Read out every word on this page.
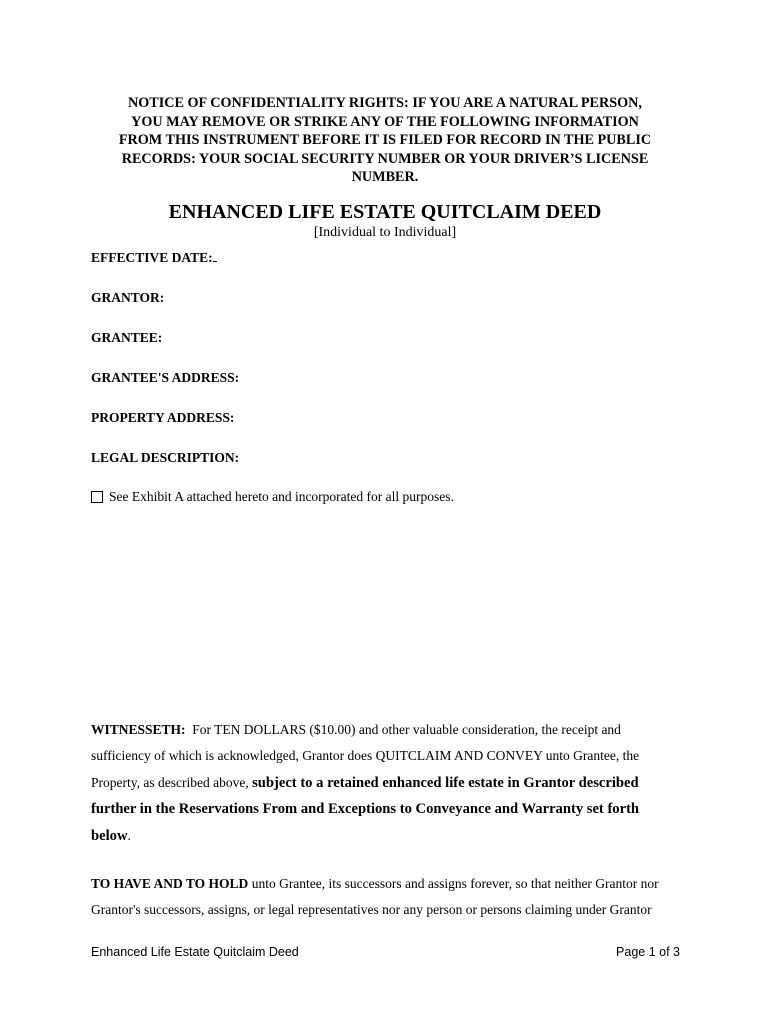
NOTICE OF CONFIDENTIALITY RIGHTS: IF YOU ARE A NATURAL PERSON,
YOU MAY REMOVE OR STRIKE ANY OF THE FOLLOWING INFORMATION
FROM THIS INSTRUMENT BEFORE IT IS FILED FOR RECORD IN THE PUBLIC
RECORDS: YOUR SOCIAL SECURITY NUMBER OR YOUR DRIVER’S LICENSE
NUMBER.
ENHANCED LIFE ESTATE QUITCLAIM DEED
[Individual to Individual]
EFFECTIVE DATE:
GRANTOR:
GRANTEE:
GRANTEE'S ADDRESS:
PROPERTY ADDRESS:
LEGAL DESCRIPTION:
See Exhibit A attached hereto and incorporated for all purposes.
WITNESSETH: For TEN DOLLARS ($10.00) and other valuable consideration, the receipt and sufficiency of which is acknowledged, Grantor does QUITCLAIM AND CONVEY unto Grantee, the Property, as described above, subject to a retained enhanced life estate in Grantor described further in the Reservations From and Exceptions to Conveyance and Warranty set forth below.
TO HAVE AND TO HOLD unto Grantee, its successors and assigns forever, so that neither Grantor nor Grantor's successors, assigns, or legal representatives nor any person or persons claiming under Grantor
Enhanced Life Estate Quitclaim Deed	Page 1 of 3
